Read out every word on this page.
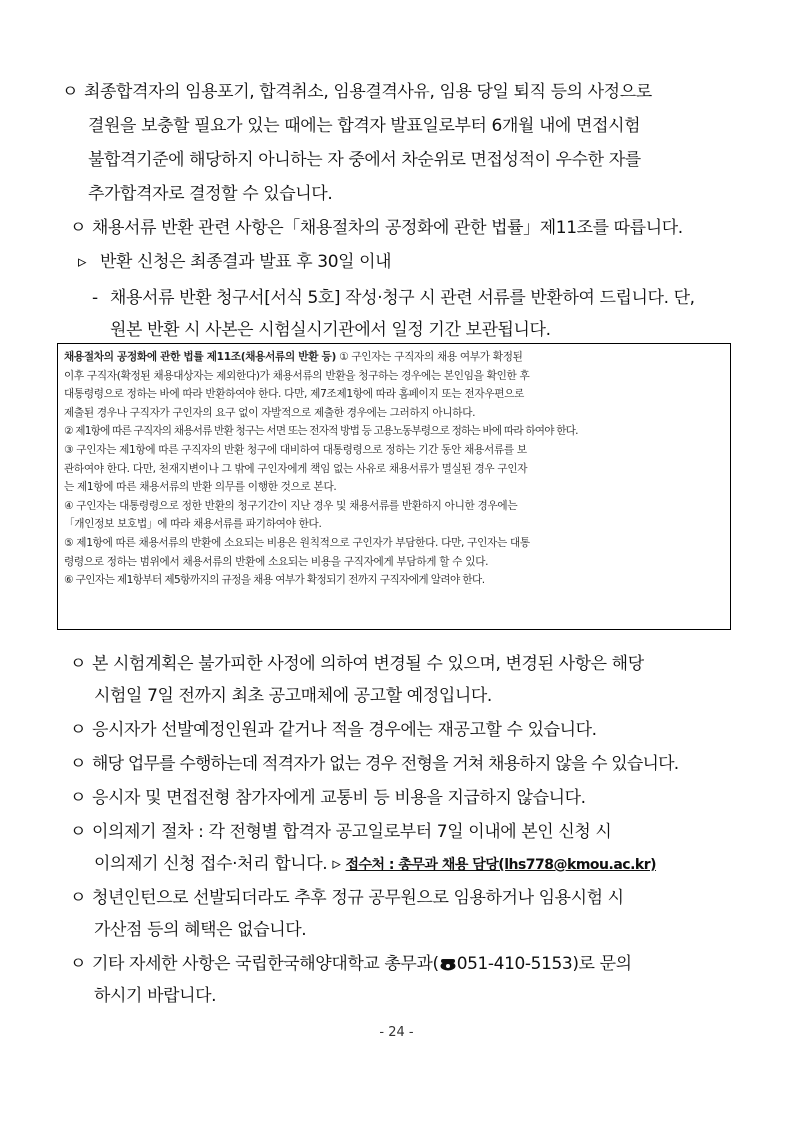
ㅇ 최종합격자의 임용포기, 합격취소, 임용결격사유, 임용 당일 퇴직 등의 사정으로
결원을 보충할 필요가 있는 때에는 합격자 발표일로부터 6개월 내에 면접시험
불합격기준에 해당하지 아니하는 자 중에서 차순위로 면접성적이 우수한 자를
추가합격자로 결정할 수 있습니다.
ㅇ 채용서류 반환 관련 사항은「채용절차의 공정화에 관한 법률」제11조를 따릅니다.
▹ 반환 신청은 최종결과 발표 후 30일 이내
- 채용서류 반환 청구서[서식 5호] 작성·청구 시 관련 서류를 반환하여 드립니다. 단,
원본 반환 시 사본은 시험실시기관에서 일정 기간 보관됩니다.
채용절차의 공정화에 관한 법률 제11조(채용서류의 반환 등) ① 구인자는 구직자의 채용 여부가 확정된
이후 구직자(확정된 채용대상자는 제외한다)가 채용서류의 반환을 청구하는 경우에는 본인임을 확인한 후
대통령령으로 정하는 바에 따라 반환하여야 한다. 다만, 제7조제1항에 따라 홈페이지 또는 전자우편으로
제출된 경우나 구직자가 구인자의 요구 없이 자발적으로 제출한 경우에는 그러하지 아니하다.
② 제1항에 따른 구직자의 채용서류 반환 청구는 서면 또는 전자적 방법 등 고용노동부령으로 정하는 바에 따라 하여야 한다.
③ 구인자는 제1항에 따른 구직자의 반환 청구에 대비하여 대통령령으로 정하는 기간 동안 채용서류를 보
관하여야 한다. 다만, 천재지변이나 그 밖에 구인자에게 책임 없는 사유로 채용서류가 멸실된 경우 구인자
는 제1항에 따른 채용서류의 반환 의무를 이행한 것으로 본다.
④ 구인자는 대통령령으로 정한 반환의 청구기간이 지난 경우 및 채용서류를 반환하지 아니한 경우에는
「개인정보 보호법」에 따라 채용서류를 파기하여야 한다.
⑤ 제1항에 따른 채용서류의 반환에 소요되는 비용은 원칙적으로 구인자가 부담한다. 다만, 구인자는 대통
령령으로 정하는 범위에서 채용서류의 반환에 소요되는 비용을 구직자에게 부담하게 할 수 있다.
⑥ 구인자는 제1항부터 제5항까지의 규정을 채용 여부가 확정되기 전까지 구직자에게 알려야 한다.
ㅇ 본 시험계획은 불가피한 사정에 의하여 변경될 수 있으며, 변경된 사항은 해당
시험일 7일 전까지 최초 공고매체에 공고할 예정입니다.
ㅇ 응시자가 선발예정인원과 같거나 적을 경우에는 재공고할 수 있습니다.
ㅇ 해당 업무를 수행하는데 적격자가 없는 경우 전형을 거쳐 채용하지 않을 수 있습니다.
ㅇ 응시자 및 면접전형 참가자에게 교통비 등 비용을 지급하지 않습니다.
ㅇ 이의제기 절차 : 각 전형별 합격자 공고일로부터 7일 이내에 본인 신청 시
이의제기 신청 접수·처리 합니다. ▹ 접수처 : 총무과 채용 담당(lhs778@kmou.ac.kr)
ㅇ 청년인턴으로 선발되더라도 추후 정규 공무원으로 임용하거나 임용시험 시
가산점 등의 혜택은 없습니다.
ㅇ 기타 자세한 사항은 국립한국해양대학교 총무과( 051-410-5153)로 문의
하시기 바랍니다.
- 24 -
